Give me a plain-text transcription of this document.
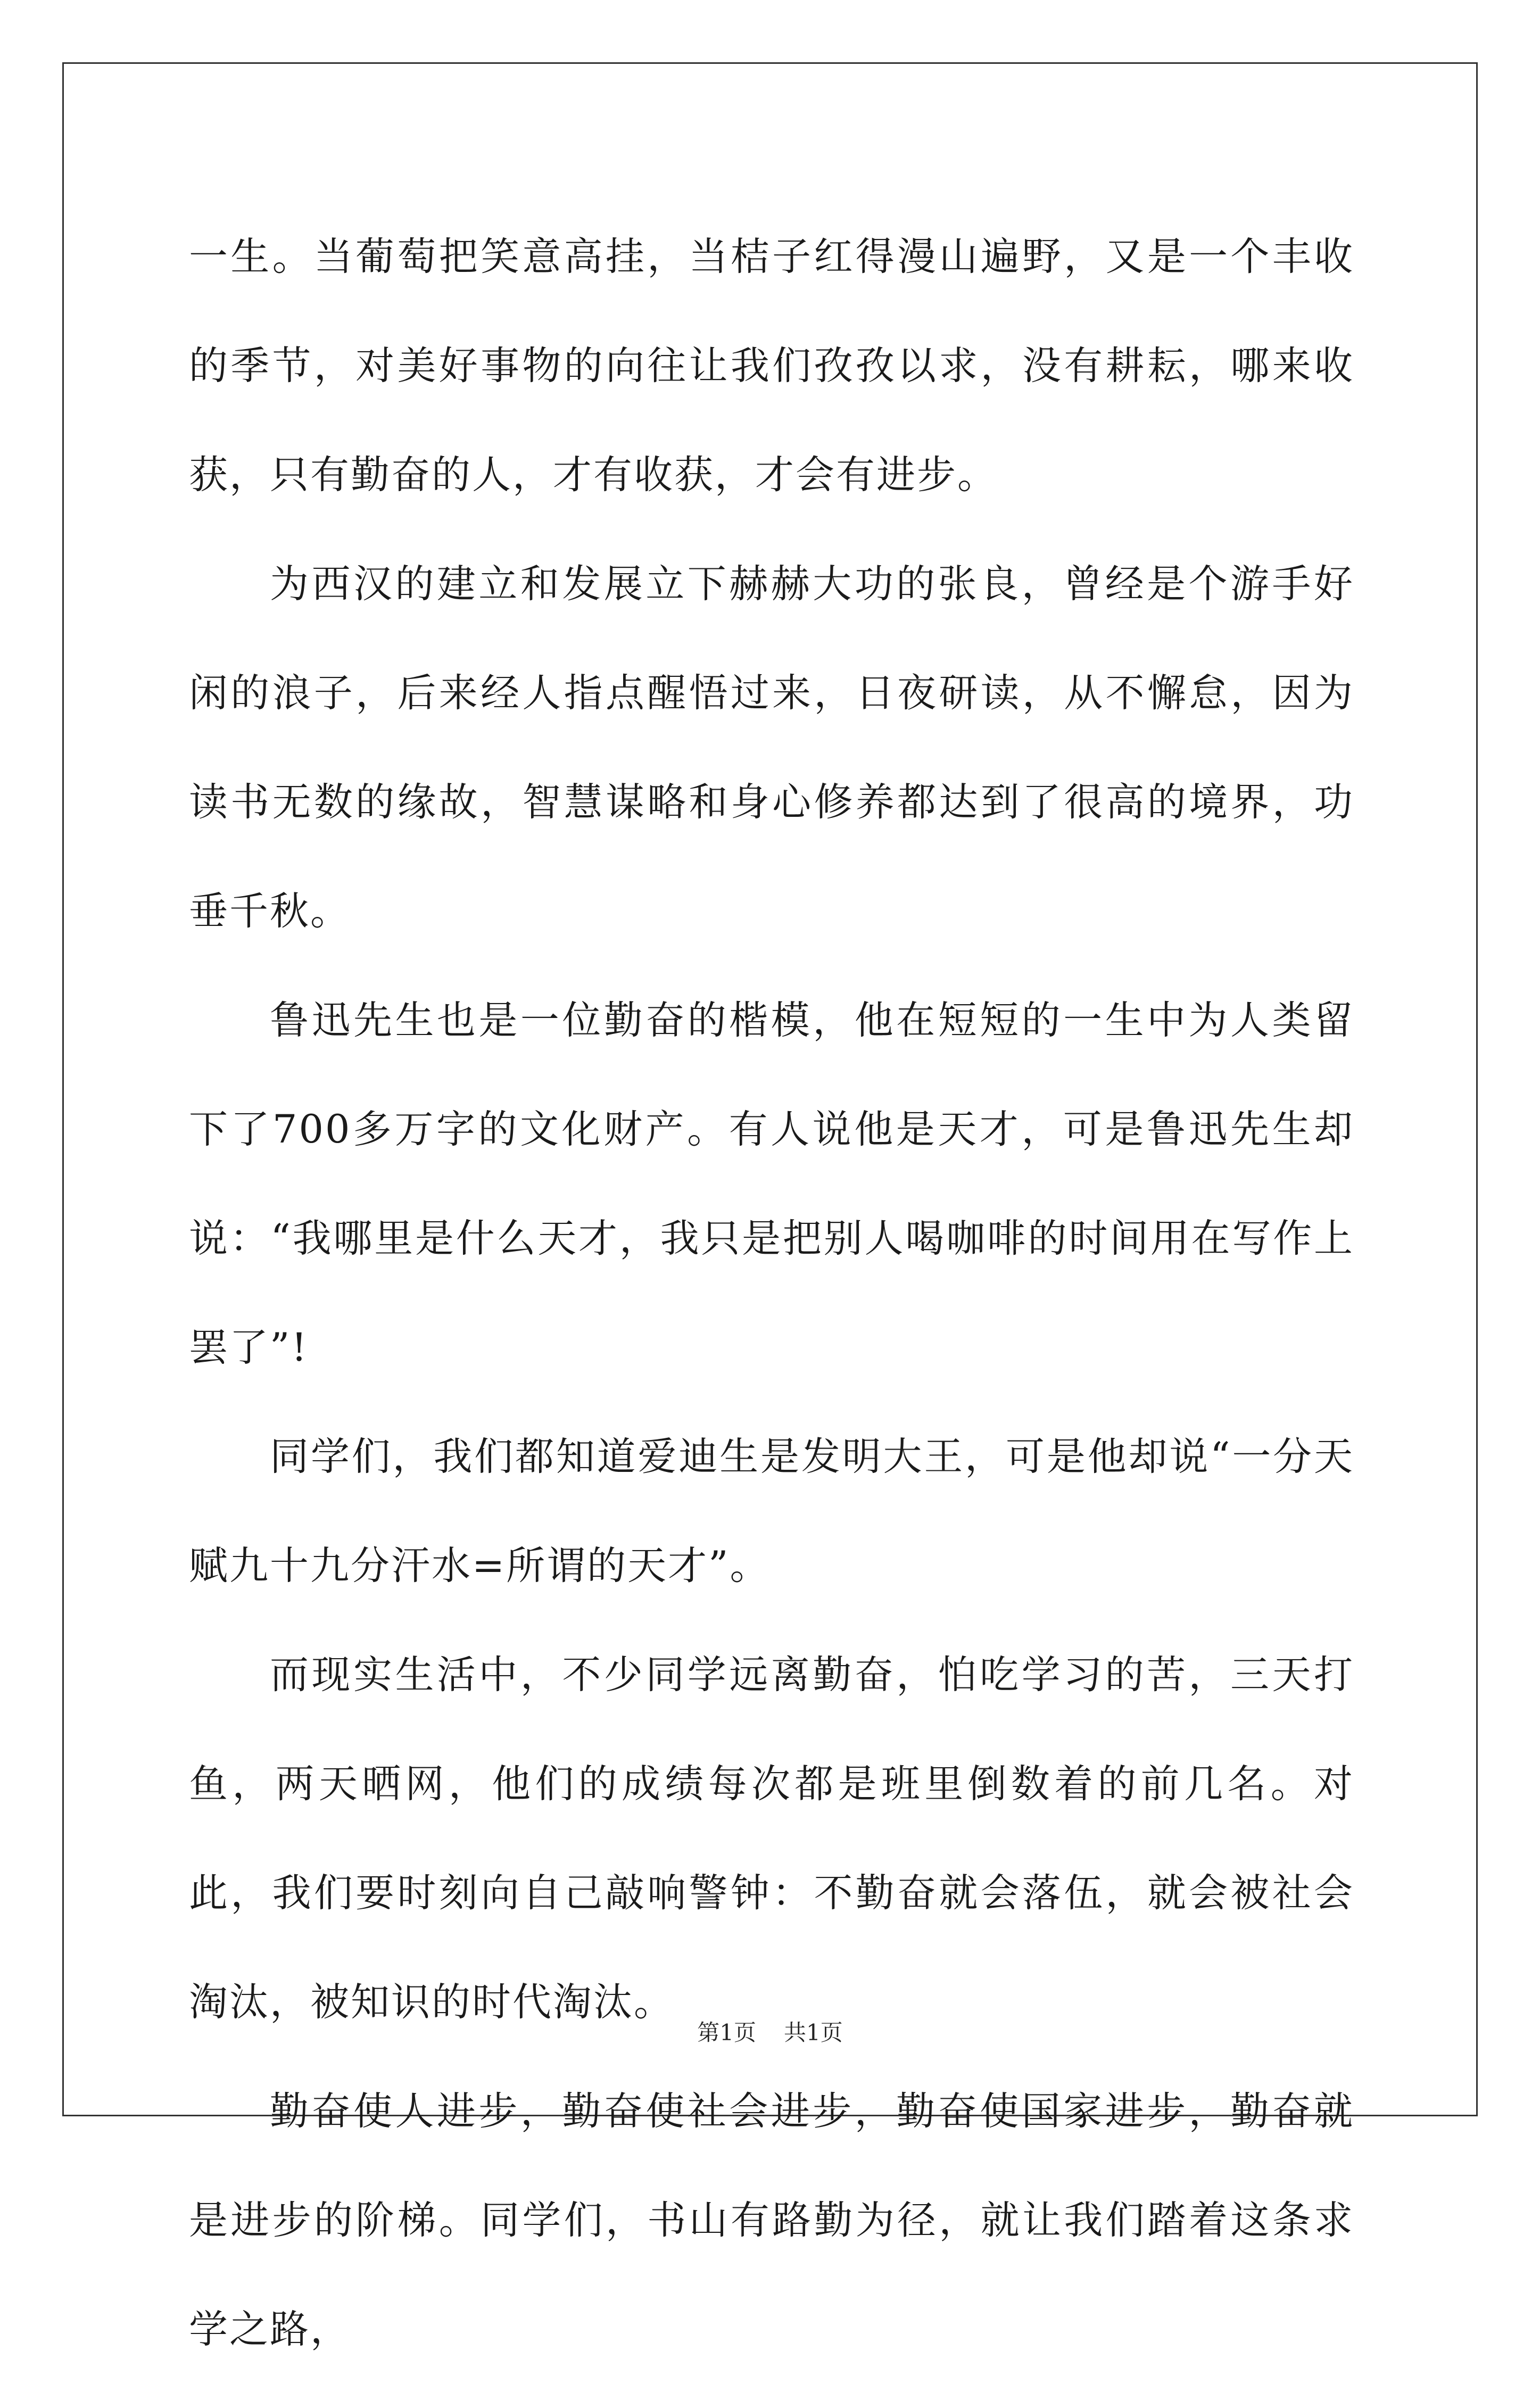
一生。当葡萄把笑意高挂，当桔子红得漫山遍野，又是一个丰收的季节，对美好事物的向往让我们孜孜以求，没有耕耘，哪来收获，只有勤奋的人，才有收获，才会有进步。

为西汉的建立和发展立下赫赫大功的张良，曾经是个游手好闲的浪子，后来经人指点醒悟过来，日夜研读，从不懈怠，因为读书无数的缘故，智慧谋略和身心修养都达到了很高的境界，功垂千秋。

鲁迅先生也是一位勤奋的楷模，他在短短的一生中为人类留下了700多万字的文化财产。有人说他是天才，可是鲁迅先生却说：“我哪里是什么天才，我只是把别人喝咖啡的时间用在写作上罢了”!

同学们，我们都知道爱迪生是发明大王，可是他却说“一分天赋九十九分汗水=所谓的天才”。

而现实生活中，不少同学远离勤奋，怕吃学习的苦，三天打鱼，两天晒网，他们的成绩每次都是班里倒数着的前几名。对此，我们要时刻向自己敲响警钟：不勤奋就会落伍，就会被社会淘汰，被知识的时代淘汰。

勤奋使人进步，勤奋使社会进步，勤奋使国家进步，勤奋就是进步的阶梯。同学们，书山有路勤为径，就让我们踏着这条求学之路，

第1页 共1页
